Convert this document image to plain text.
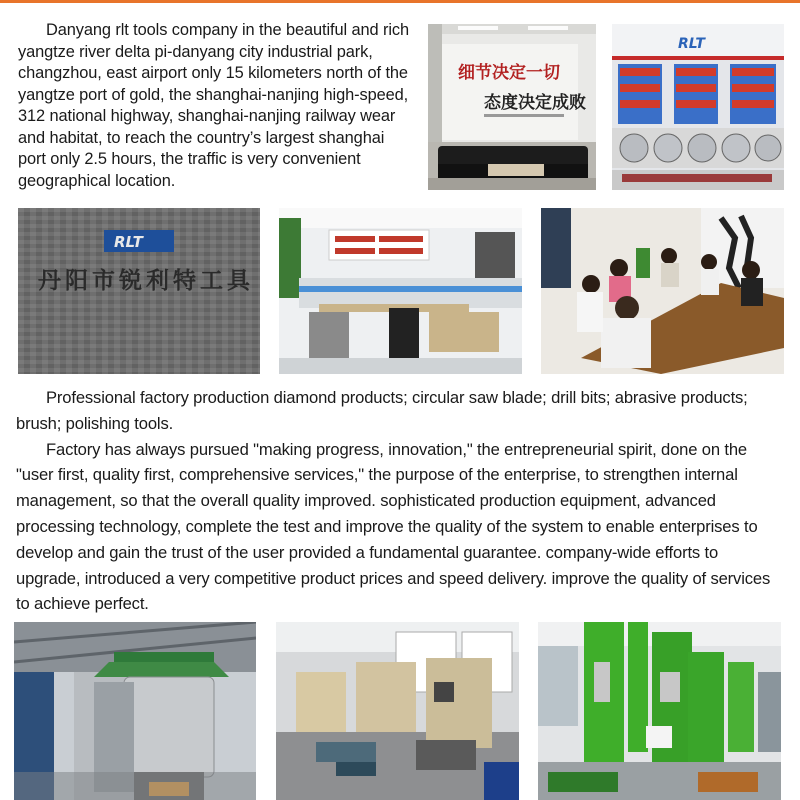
Danyang rlt tools company in the beautiful and rich yangtze river delta pi-danyang city industrial park, changzhou, east airport only 15 kilometers north of the yangtze port of gold, the shanghai-nanjing high-speed, 312 national highway, shanghai-nanjing railway wear and habitat, to reach the country’s largest shanghai port only 2.5 hours, the traffic is very convenient geographical location.

细节决定一切
态度决定成败
RLT
RLT
丹阳市锐利特工具

Professional factory production diamond products; circular saw blade; drill bits; abrasive products; brush; polishing tools.

Factory has always pursued "making progress, innovation," the entrepreneurial spirit, done on the "user first, quality first, comprehensive services," the purpose of the enterprise, to strengthen internal management, so that the overall quality improved. sophisticated production equipment, advanced processing technology, complete the test and improve the quality of the system to enable enterprises to develop and gain the trust of the user provided a fundamental guarantee. company-wide efforts to upgrade, introduced a very competitive product prices and speed delivery. improve the quality of services to achieve perfect.
